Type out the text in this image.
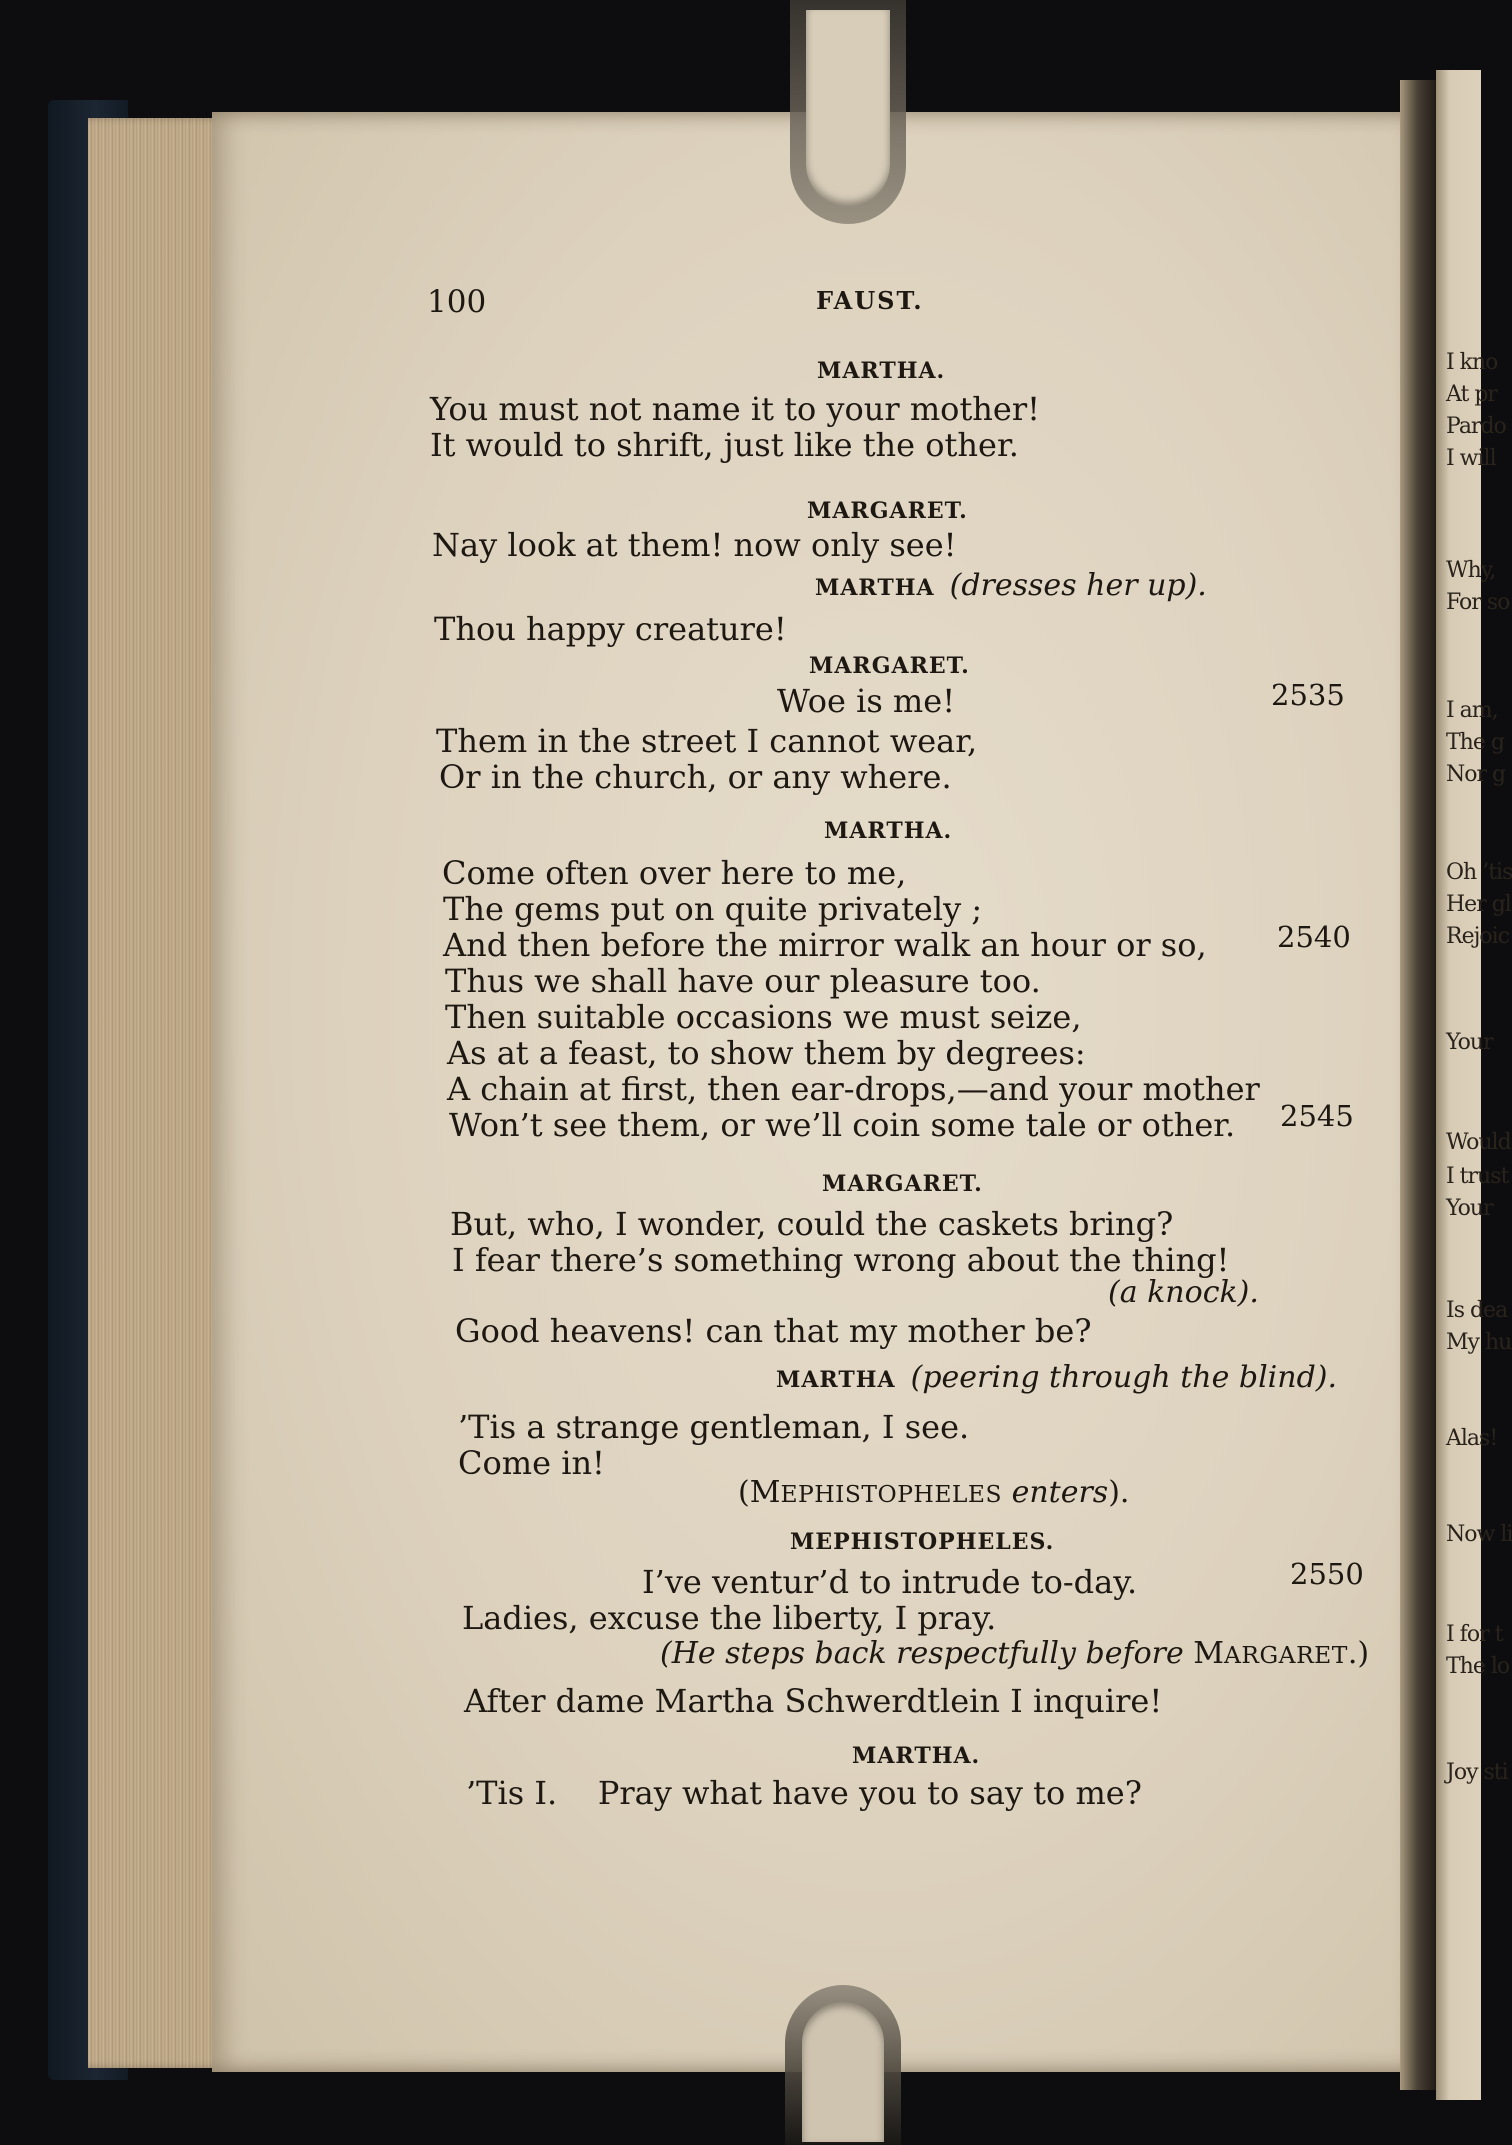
100	FAUST.
MARTHA.
You must not name it to your mother!
It would to shrift, just like the other.
MARGARET.
Nay look at them! now only see!
MARTHA (dresses her up).
Thou happy creature!
MARGARET.
Woe is me!	2535
Them in the street I cannot wear,
Or in the church, or any where.
MARTHA.
Come often over here to me,
The gems put on quite privately ;
And then before the mirror walk an hour or so, 2540
Thus we shall have our pleasure too.
Then suitable occasions we must seize,
As at a feast, to show them by degrees:
A chain at first, then ear-drops,—and your mother
Won’t see them, or we’ll coin some tale or other. 2545
MARGARET.
But, who, I wonder, could the caskets bring?
I fear there’s something wrong about the thing!
(a knock).
Good heavens! can that my mother be?
MARTHA (peering through the blind).
’Tis a strange gentleman, I see.
Come in!
(MEPHISTOPHELES enters).
MEPHISTOPHELES.
I’ve ventur’d to intrude to-day.	2550
Ladies, excuse the liberty, I pray.
(He steps back respectfully before MARGARET.)
After dame Martha Schwerdtlein I inquire!
MARTHA.
’Tis I.    Pray what have you to say to me?
I kno
At pr
Pardo
I will
Why,
For so
I am,
The g
Nor g
Oh ’tis
Her gl
Rejoic
Your
Would
I trust
Your
Is dea
My hu
Alas!
Now li
I for t
The lo
Joy sti
